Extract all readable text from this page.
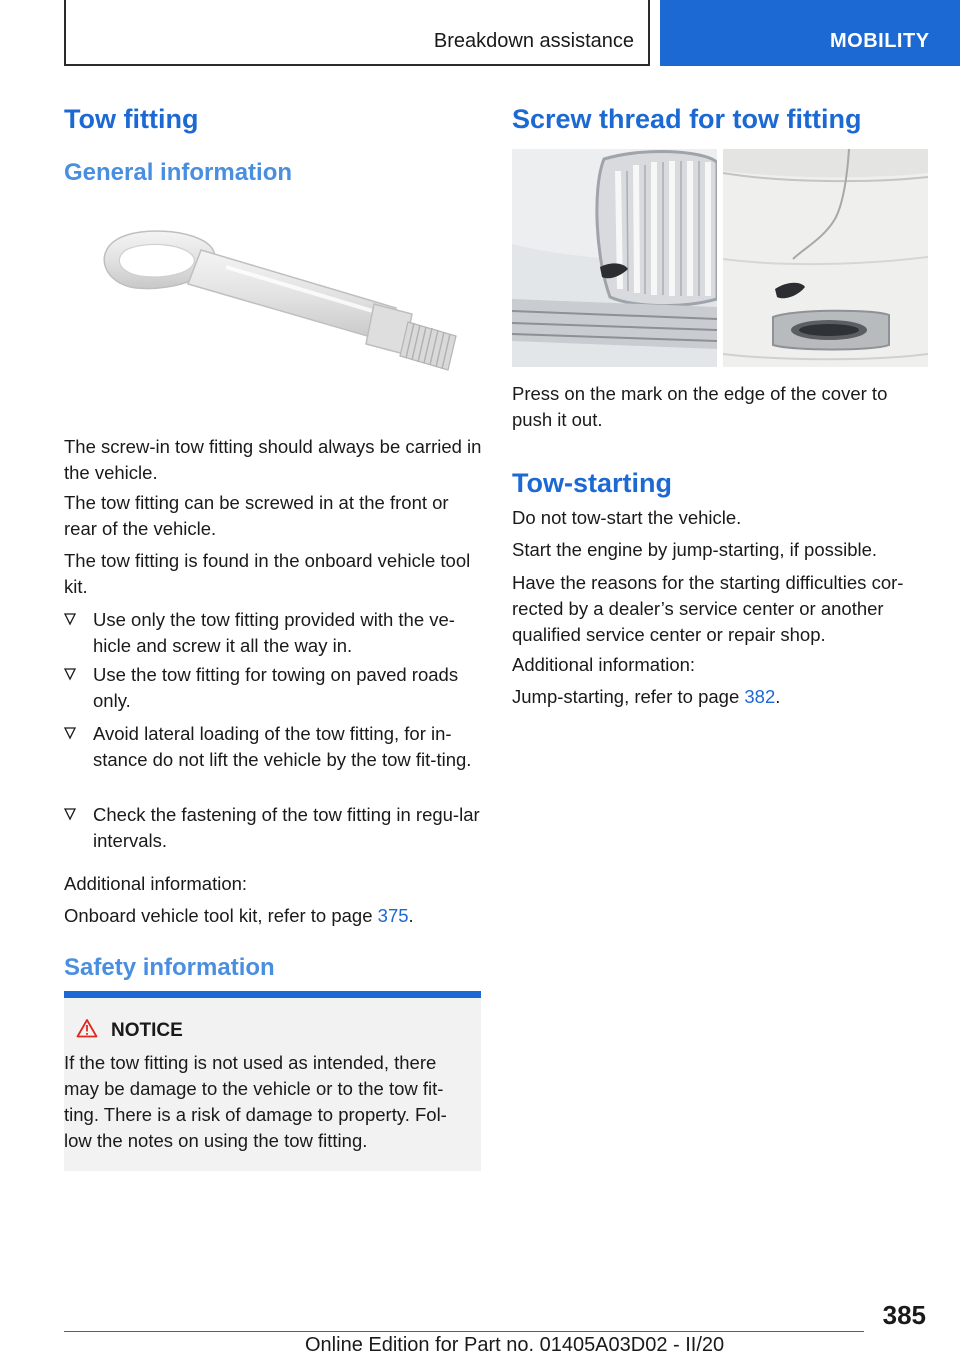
Breakdown assistance	MOBILITY
Tow fitting
General information
The screw-in tow fitting should always be carried in the vehicle.
The tow fitting can be screwed in at the front or rear of the vehicle.
The tow fitting is found in the onboard vehicle tool kit.
Use only the tow fitting provided with the ve-hicle and screw it all the way in.
Use the tow fitting for towing on paved roads only.
Avoid lateral loading of the tow fitting, for in-stance do not lift the vehicle by the tow fit-ting.
Check the fastening of the tow fitting in regu-lar intervals.
Additional information:
Onboard vehicle tool kit, refer to page 375.
Safety information
NOTICE
If the tow fitting is not used as intended, there may be damage to the vehicle or to the tow fit-ting. There is a risk of damage to property. Fol-low the notes on using the tow fitting.
Screw thread for tow fitting
Press on the mark on the edge of the cover to push it out.
Tow-starting
Do not tow-start the vehicle.
Start the engine by jump-starting, if possible.
Have the reasons for the starting difficulties cor-rected by a dealer’s service center or another qualified service center or repair shop.
Additional information:
Jump-starting, refer to page 382.
385
Online Edition for Part no. 01405A03D02 - II/20
